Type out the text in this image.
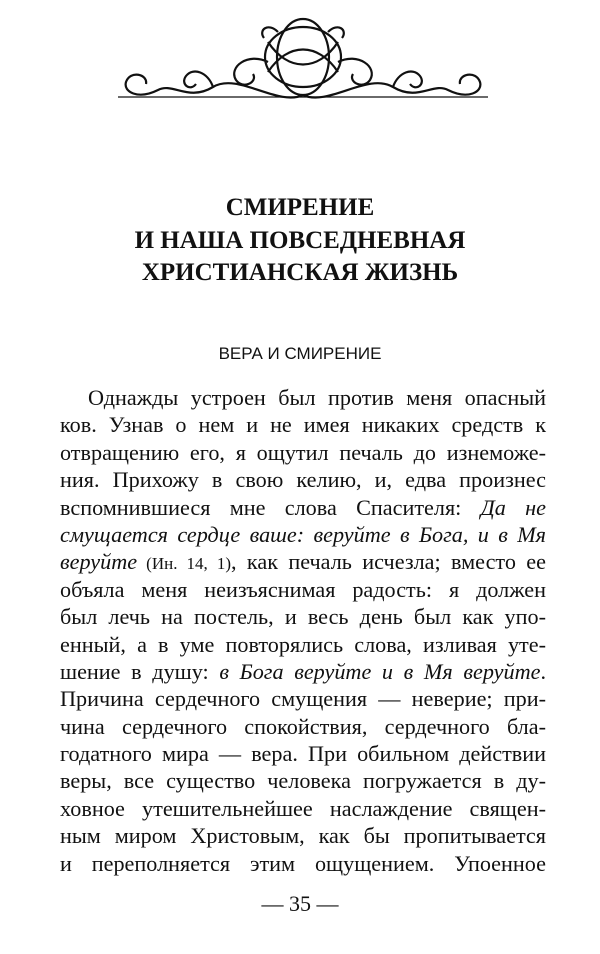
СМИРЕНИЕ
И НАША ПОВСЕДНЕВНАЯ
ХРИСТИАНСКАЯ ЖИЗНЬ
ВЕРА И СМИРЕНИЕ
Однажды устроен был против меня опасный
ков. Узнав о нем и не имея никаких средств к
отвращению его, я ощутил печаль до изнеможе-
ния. Прихожу в свою келию, и, едва произнес
вспомнившиеся мне слова Спасителя: Да не
смущается сердце ваше: веруйте в Бога, и в Мя
веруйте (Ин. 14, 1), как печаль исчезла; вместо ее
объяла меня неизъяснимая радость: я должен
был лечь на постель, и весь день был как упо-
енный, а в уме повторялись слова, изливая уте-
шение в душу: в Бога веруйте и в Мя веруйте.
Причина сердечного смущения — неверие; при-
чина сердечного спокойствия, сердечного бла-
годатного мира — вера. При обильном действии
веры, все существо человека погружается в ду-
ховное утешительнейшее наслаждение священ-
ным миром Христовым, как бы пропитывается
и переполняется этим ощущением. Упоенное
— 35 —
